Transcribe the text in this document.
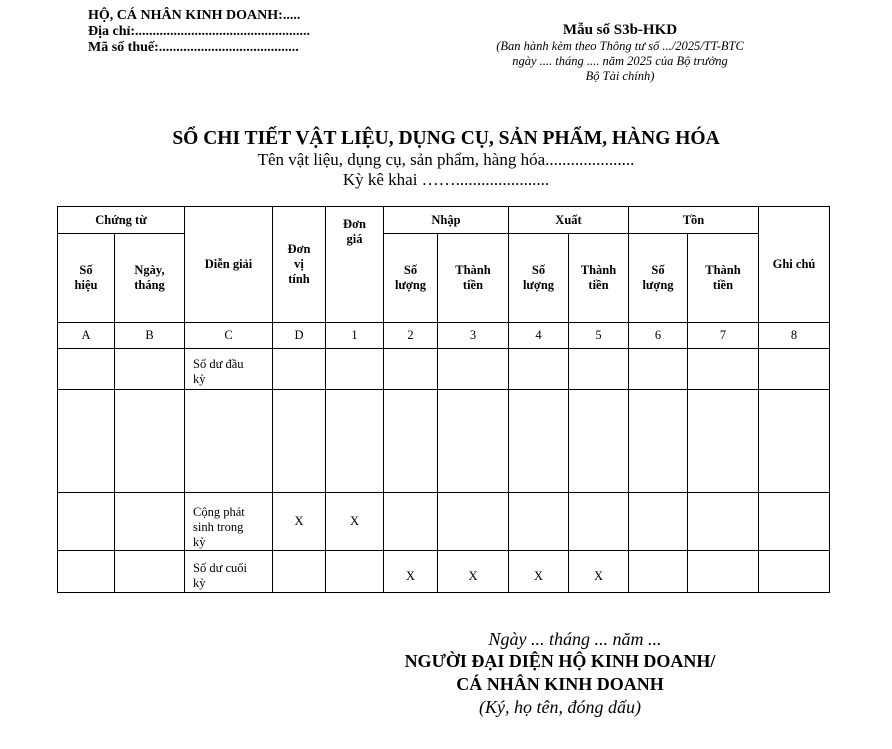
HỘ, CÁ NHÂN KINH DOANH:.....
Địa chỉ:..................................................
Mã số thuế:........................................
Mẫu số S3b-HKD
(Ban hành kèm theo Thông tư số .../2025/TT-BTC
ngày .... tháng .... năm 2025 của Bộ trưởng
Bộ Tài chính)
SỔ CHI TIẾT VẬT LIỆU, DỤNG CỤ, SẢN PHẨM, HÀNG HÓA
Tên vật liệu, dụng cụ, sản phẩm, hàng hóa.....................
Kỳ kê khai ……......................
Chứng từ		Diễn giải	Đơn vị tính	Đơn giá	Nhập		Xuất		Tồn		Ghi chú
Số hiệu	Ngày, tháng				Số lượng	Thành tiền	Số lượng	Thành tiền	Số lượng	Thành tiền	
A	B	C	D	1	2	3	4	5	6	7	8
		Số dư đầu kỳ									

		Cộng phát sinh trong kỳ	X	X							
		Số dư cuối kỳ			X	X	X	X			
Ngày ... tháng ... năm ...
NGƯỜI ĐẠI DIỆN HỘ KINH DOANH/
CÁ NHÂN KINH DOANH
(Ký, họ tên, đóng dấu)
